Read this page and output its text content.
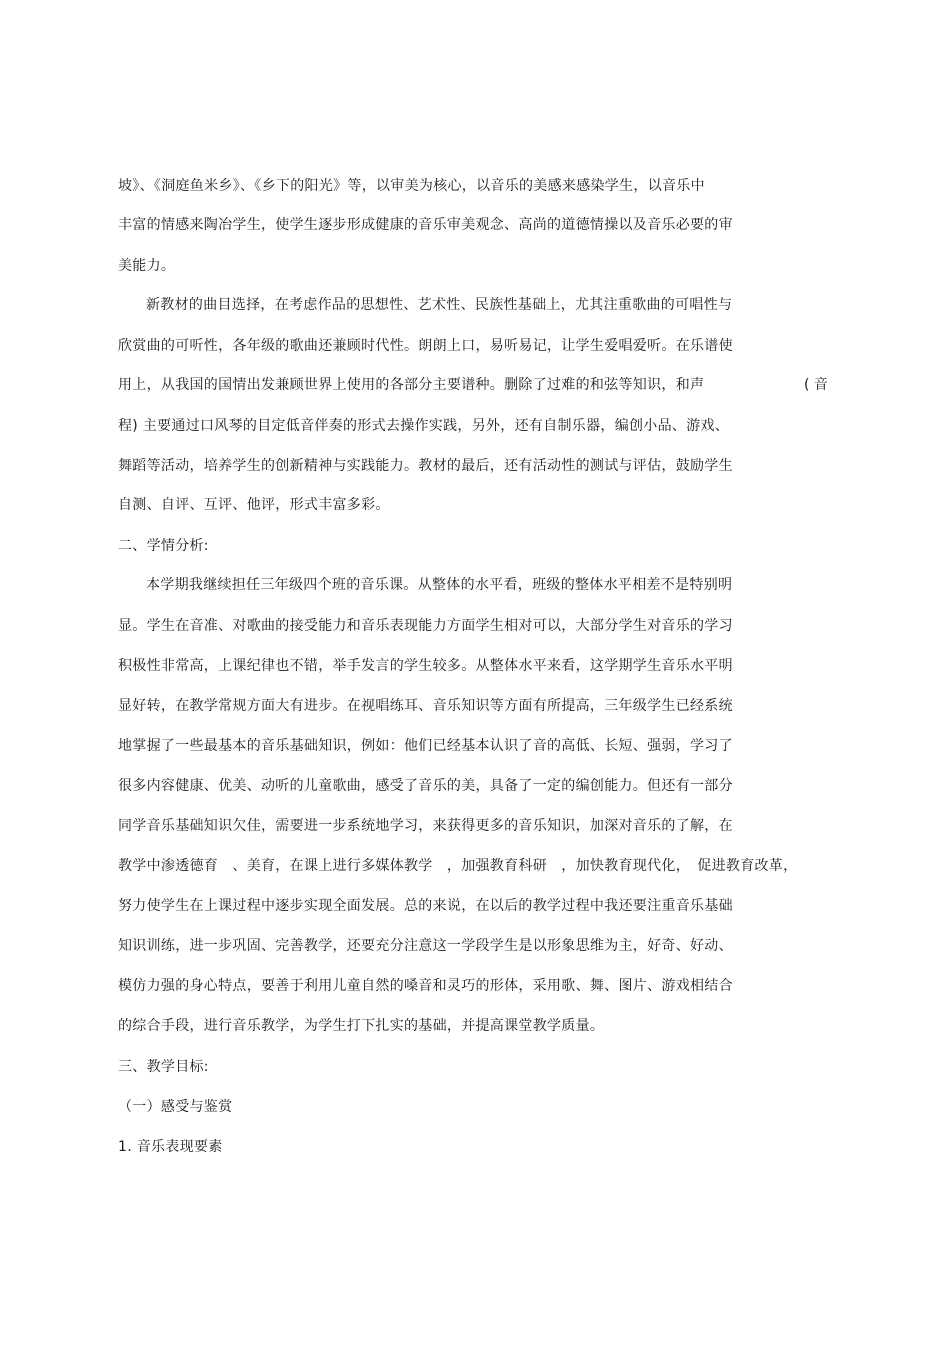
坡》、《洞庭鱼米乡》、《乡下的阳光》等，以审美为核心，以音乐的美感来感染学生，以音乐中
丰富的情感来陶冶学生，使学生逐步形成健康的音乐审美观念、高尚的道德情操以及音乐必要的审
美能力。
新教材的曲目选择，在考虑作品的思想性、艺术性、民族性基础上，尤其注重歌曲的可唱性与
欣赏曲的可听性，各年级的歌曲还兼顾时代性。朗朗上口，易听易记，让学生爱唱爱听。在乐谱使
用上，从我国的国情出发兼顾世界上使用的各部分主要谱种。删除了过难的和弦等知识，和声	( 音
程) 主要通过口风琴的目定低音伴奏的形式去操作实践，另外，还有自制乐器，编创小品、游戏、
舞蹈等活动，培养学生的创新精神与实践能力。教材的最后，还有活动性的测试与评估，鼓励学生
自测、自评、互评、他评，形式丰富多彩。
二、学情分析:
本学期我继续担任三年级四个班的音乐课。从整体的水平看，班级的整体水平相差不是特别明
显。学生在音准、对歌曲的接受能力和音乐表现能力方面学生相对可以，大部分学生对音乐的学习
积极性非常高，上课纪律也不错，举手发言的学生较多。从整体水平来看，这学期学生音乐水平明
显好转，在教学常规方面大有进步。在视唱练耳、音乐知识等方面有所提高，三年级学生已经系统
地掌握了一些最基本的音乐基础知识，例如：他们已经基本认识了音的高低、长短、强弱，学习了
很多内容健康、优美、动听的儿童歌曲，感受了音乐的美，具备了一定的编创能力。但还有一部分
同学音乐基础知识欠佳，需要进一步系统地学习，来获得更多的音乐知识，加深对音乐的了解，在
教学中渗透德育　、美育，在课上进行多媒体教学　，加强教育科研　，加快教育现代化，　促进教育改革，
努力使学生在上课过程中逐步实现全面发展。总的来说，在以后的教学过程中我还要注重音乐基础
知识训练，进一步巩固、完善教学，还要充分注意这一学段学生是以形象思维为主，好奇、好动、
模仿力强的身心特点，要善于利用儿童自然的嗓音和灵巧的形体，采用歌、舞、图片、游戏相结合
的综合手段，进行音乐教学，为学生打下扎实的基础，并提高课堂教学质量。
三、教学目标:
（一）感受与鉴赏
1. 音乐表现要素
